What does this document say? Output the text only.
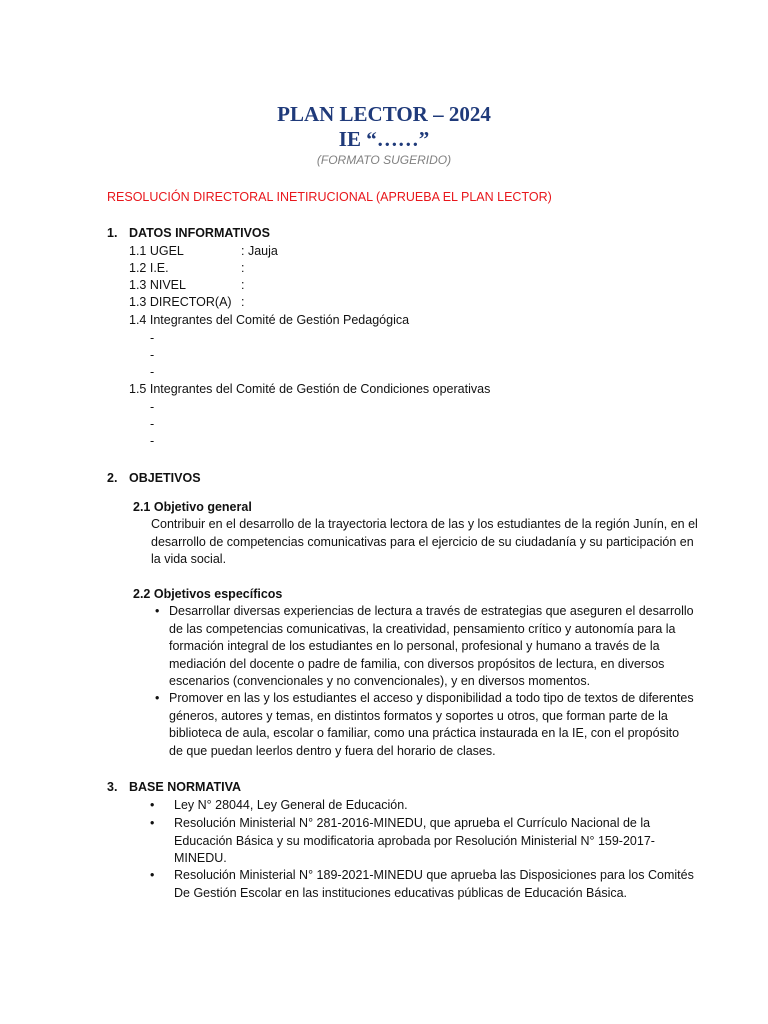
PLAN LECTOR – 2024
IE “……”
(FORMATO SUGERIDO)
RESOLUCIÓN DIRECTORAL INETIRUCIONAL (APRUEBA EL PLAN LECTOR)
1. DATOS INFORMATIVOS
1.1 UGEL	: Jauja
1.2 I.E.	:
1.3 NIVEL	:
1.3 DIRECTOR(A) :
1.4 Integrantes del Comité de Gestión Pedagógica
-
-
-
1.5 Integrantes del Comité de Gestión de Condiciones operativas
-
-
-
2. OBJETIVOS
2.1 Objetivo general

Contribuir en el desarrollo de la trayectoria lectora de las y los estudiantes de la región Junín, en el desarrollo de competencias comunicativas para el ejercicio de su ciudadanía y su participación en la vida social.

2.2 Objetivos específicos
• Desarrollar diversas experiencias de lectura a través de estrategias que aseguren el desarrollo de las competencias comunicativas, la creatividad, pensamiento crítico y autonomía para la formación integral de los estudiantes en lo personal, profesional y humano a través de la mediación del docente o padre de familia, con diversos propósitos de lectura, en diversos escenarios (convencionales y no convencionales), y en diversos momentos.
• Promover en las y los estudiantes el acceso y disponibilidad a todo tipo de textos de diferentes géneros, autores y temas, en distintos formatos y soportes u otros, que forman parte de la biblioteca de aula, escolar o familiar, como una práctica instaurada en la IE, con el propósito de que puedan leerlos dentro y fuera del horario de clases.
3. BASE NORMATIVA
• Ley N° 28044, Ley General de Educación.
• Resolución Ministerial N° 281-2016-MINEDU, que aprueba el Currículo Nacional de la Educación Básica y su modificatoria aprobada por Resolución Ministerial N° 159-2017-MINEDU.
• Resolución Ministerial N° 189-2021-MINEDU que aprueba las Disposiciones para los Comités De Gestión Escolar en las instituciones educativas públicas de Educación Básica.
